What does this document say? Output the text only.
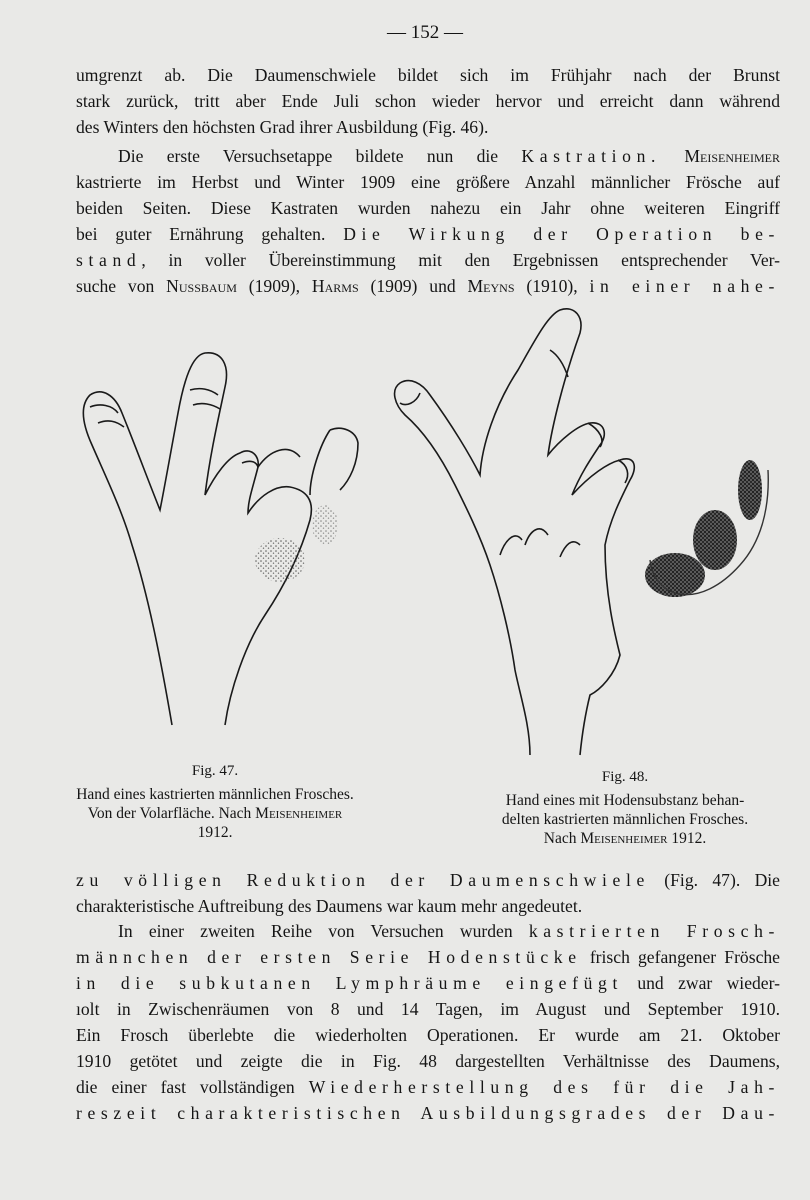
— 152 —
umgrenzt ab. Die Daumenschwiele bildet sich im Frühjahr nach der Brunst
stark zurück, tritt aber Ende Juli schon wieder hervor und erreicht dann während
des Winters den höchsten Grad ihrer Ausbildung (Fig. 46).
Die erste Versuchsetappe bildete nun die Kastration. Meisenheimer
kastrierte im Herbst und Winter 1909 eine größere Anzahl männlicher Frösche auf
beiden Seiten. Diese Kastraten wurden nahezu ein Jahr ohne weiteren Eingriff
bei guter Ernährung gehalten. Die Wirkung der Operation be-
stand, in voller Übereinstimmung mit den Ergebnissen entsprechender Ver-
suche von Nussbaum (1909), Harms (1909) und Meyns (1910), in einer nahe-
Fig. 47.
Hand eines kastrierten männlichen Frosches.
Von der Volarfläche. Nach Meisenheimer
1912.
Fig. 48.
Hand eines mit Hodensubstanz behan-
delten kastrierten männlichen Frosches.
Nach Meisenheimer 1912.
zu völligen Reduktion der Daumenschwiele (Fig. 47). Die
charakteristische Auftreibung des Daumens war kaum mehr angedeutet.
In einer zweiten Reihe von Versuchen wurden kastrierten Frosch-
männchen der ersten Serie Hodenstücke frisch gefangener Frösche
in die subkutanen Lymphräume eingefügt und zwar wieder-
ıolt in Zwischenräumen von 8 und 14 Tagen, im August und September 1910.
Ein Frosch überlebte die wiederholten Operationen. Er wurde am 21. Oktober
1910 getötet und zeigte die in Fig. 48 dargestellten Verhältnisse des Daumens,
die einer fast vollständigen Wiederherstellung des für die Jah-
reszeit charakteristischen Ausbildungsgrades der Dau-
